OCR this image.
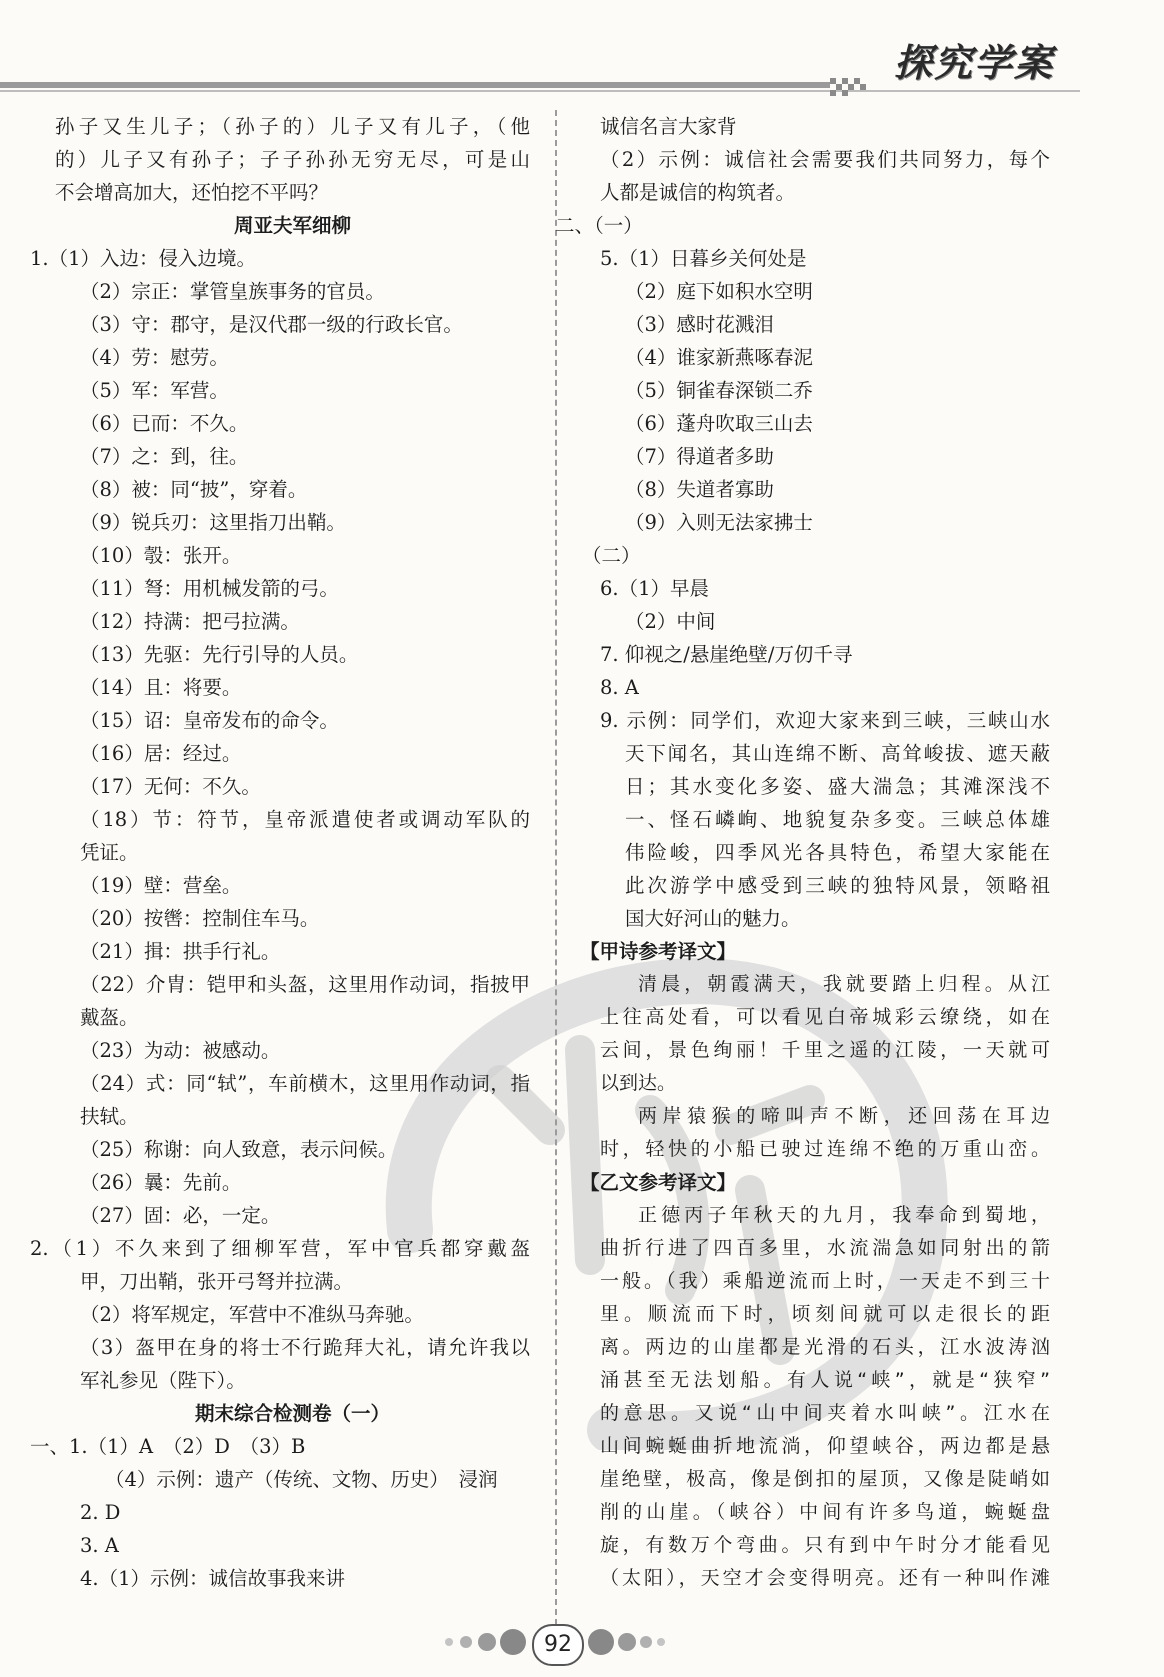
探究学案
孙子又生儿子；（孙子的）儿子又有儿子，（他
的）儿子又有孙子；子子孙孙无穷无尽，可是山
不会增高加大，还怕挖不平吗？
周亚夫军细柳
1.（1）入边：侵入边境。
（2）宗正：掌管皇族事务的官员。
（3）守：郡守，是汉代郡一级的行政长官。
（4）劳：慰劳。
（5）军：军营。
（6）已而：不久。
（7）之：到，往。
（8）被：同“披”，穿着。
（9）锐兵刃：这里指刀出鞘。
（10）彀：张开。
（11）弩：用机械发箭的弓。
（12）持满：把弓拉满。
（13）先驱：先行引导的人员。
（14）且：将要。
（15）诏：皇帝发布的命令。
（16）居：经过。
（17）无何：不久。
（18）节：符节，皇帝派遣使者或调动军队的
凭证。
（19）壁：营垒。
（20）按辔：控制住车马。
（21）揖：拱手行礼。
（22）介胄：铠甲和头盔，这里用作动词，指披甲
戴盔。
（23）为动：被感动。
（24）式：同“轼”，车前横木，这里用作动词，指
扶轼。
（25）称谢：向人致意，表示问候。
（26）曩：先前。
（27）固：必，一定。
2.（1）不久来到了细柳军营，军中官兵都穿戴盔
甲，刀出鞘，张开弓弩并拉满。
（2）将军规定，军营中不准纵马奔驰。
（3）盔甲在身的将士不行跪拜大礼，请允许我以
军礼参见（陛下）。
期末综合检测卷（一）
一、1.（1）A　（2）D　（3）B
（4）示例：遗产（传统、文物、历史）　浸润
2. D
3. A
4.（1）示例：诚信故事我来讲
诚信名言大家背
（2）示例：诚信社会需要我们共同努力，每个
人都是诚信的构筑者。
二、（一）
5.（1）日暮乡关何处是
（2）庭下如积水空明
（3）感时花溅泪
（4）谁家新燕啄春泥
（5）铜雀春深锁二乔
（6）蓬舟吹取三山去
（7）得道者多助
（8）失道者寡助
（9）入则无法家拂士
（二）
6.（1）早晨
（2）中间
7. 仰视之/悬崖绝壁/万仞千寻
8. A
9. 示例：同学们，欢迎大家来到三峡，三峡山水
天下闻名，其山连绵不断、高耸峻拔、遮天蔽
日；其水变化多姿、盛大湍急；其滩深浅不
一、怪石嶙峋、地貌复杂多变。三峡总体雄
伟险峻，四季风光各具特色，希望大家能在
此次游学中感受到三峡的独特风景，领略祖
国大好河山的魅力。
【甲诗参考译文】
清晨，朝霞满天，我就要踏上归程。从江
上往高处看，可以看见白帝城彩云缭绕，如在
云间，景色绚丽！千里之遥的江陵，一天就可
以到达。
两岸猿猴的啼叫声不断，还回荡在耳边
时，轻快的小船已驶过连绵不绝的万重山峦。
【乙文参考译文】
正德丙子年秋天的九月，我奉命到蜀地，
曲折行进了四百多里，水流湍急如同射出的箭
一般。（我）乘船逆流而上时，一天走不到三十
里。顺流而下时，顷刻间就可以走很长的距
离。两边的山崖都是光滑的石头，江水波涛汹
涌甚至无法划船。有人说“峡”，就是“狭窄”
的意思。又说“山中间夹着水叫峡”。江水在
山间蜿蜒曲折地流淌，仰望峡谷，两边都是悬
崖绝壁，极高，像是倒扣的屋顶，又像是陡峭如
削的山崖。（峡谷）中间有许多鸟道，蜿蜒盘
旋，有数万个弯曲。只有到中午时分才能看见
（太阳），天空才会变得明亮。还有一种叫作滩
92
